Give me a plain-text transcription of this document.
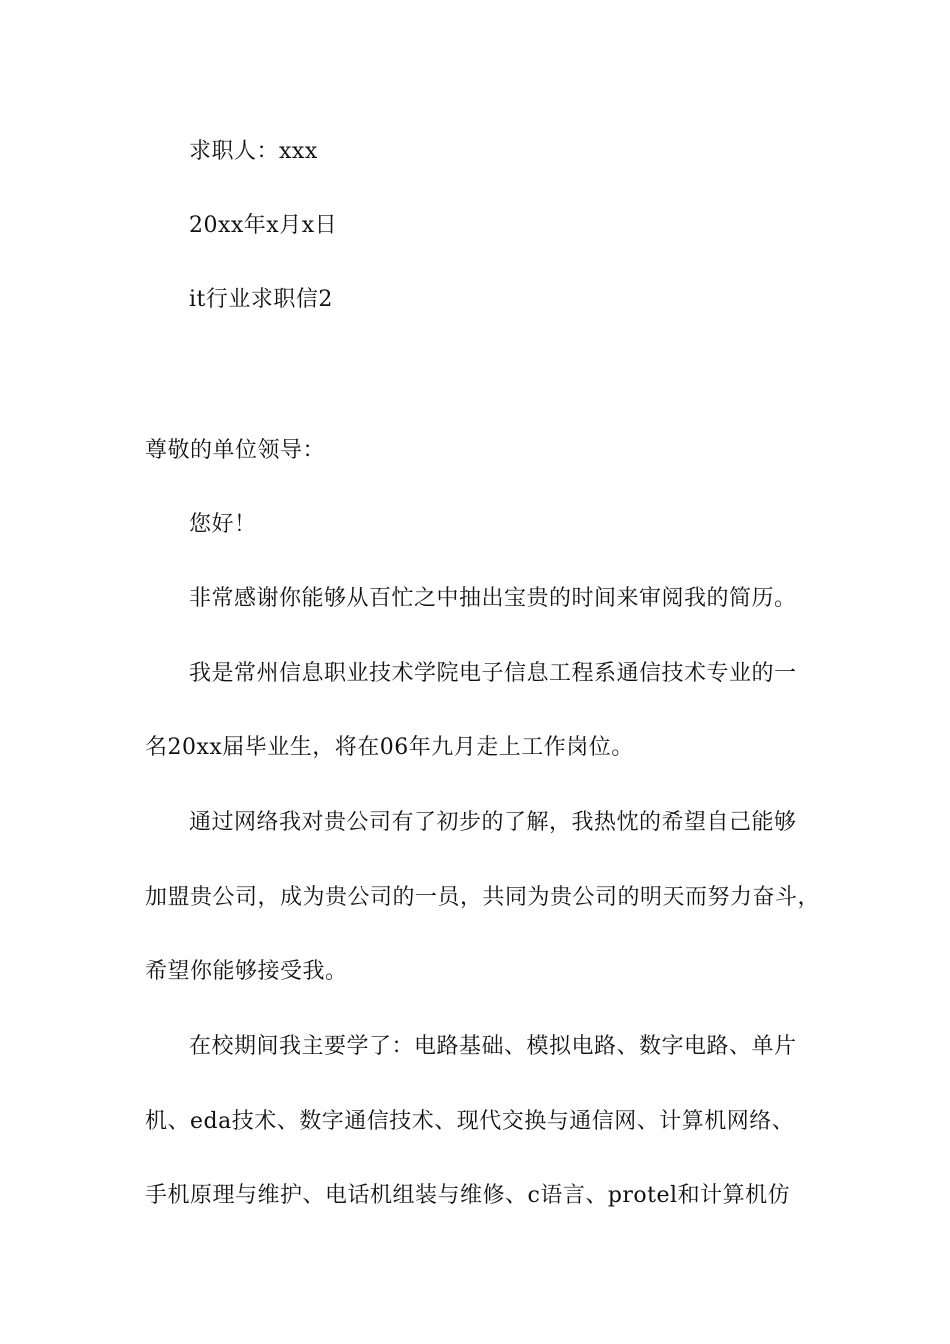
求职人：xxx
20xx年x月x日
it行业求职信2
尊敬的单位领导：
您好！
非常感谢你能够从百忙之中抽出宝贵的时间来审阅我的简历。
我是常州信息职业技术学院电子信息工程系通信技术专业的一
名20xx届毕业生，将在06年九月走上工作岗位。
通过网络我对贵公司有了初步的了解，我热忱的希望自己能够
加盟贵公司，成为贵公司的一员，共同为贵公司的明天而努力奋斗，
希望你能够接受我。
在校期间我主要学了：电路基础、模拟电路、数字电路、单片
机、eda技术、数字通信技术、现代交换与通信网、计算机网络、
手机原理与维护、电话机组装与维修、c语言、protel和计算机仿
